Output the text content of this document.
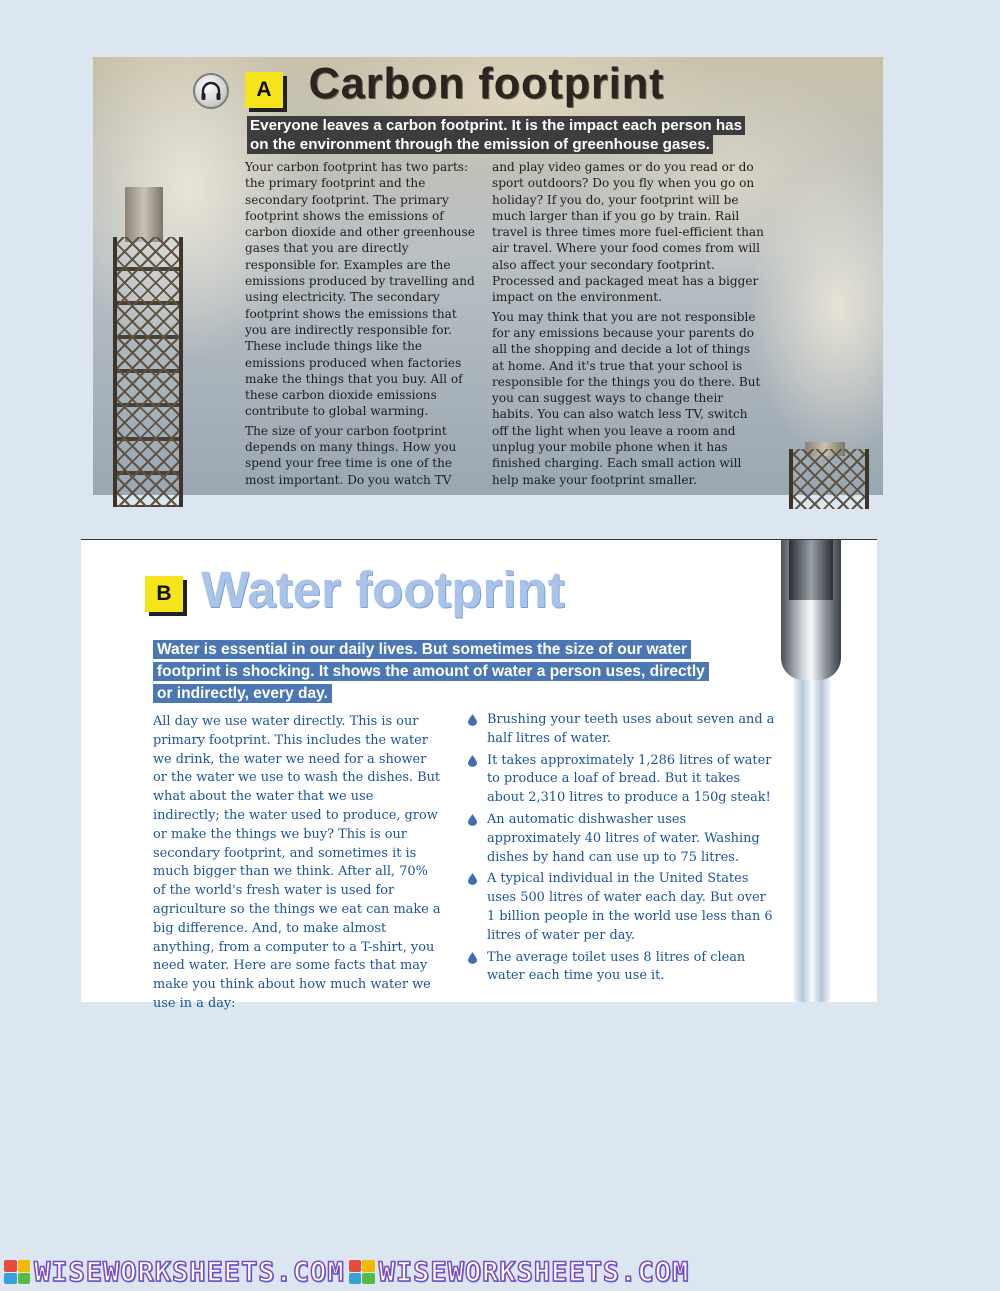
A Carbon footprint
Everyone leaves a carbon footprint. It is the impact each person has on the environment through the emission of greenhouse gases.

Your carbon footprint has two parts: the primary footprint and the secondary footprint. The primary footprint shows the emissions of carbon dioxide and other greenhouse gases that you are directly responsible for. Examples are the emissions produced by travelling and using electricity. The secondary footprint shows the emissions that you are indirectly responsible for. These include things like the emissions produced when factories make the things that you buy. All of these carbon dioxide emissions contribute to global warming.

The size of your carbon footprint depends on many things. How you spend your free time is one of the most important. Do you watch TV

and play video games or do you read or do sport outdoors? Do you fly when you go on holiday? If you do, your footprint will be much larger than if you go by train. Rail travel is three times more fuel-efficient than air travel. Where your food comes from will also affect your secondary footprint. Processed and packaged meat has a bigger impact on the environment.

You may think that you are not responsible for any emissions because your parents do all the shopping and decide a lot of things at home. And it's true that your school is responsible for the things you do there. But you can suggest ways to change their habits. You can also watch less TV, switch off the light when you leave a room and unplug your mobile phone when it has finished charging. Each small action will help make your footprint smaller.

B Water footprint
Water is essential in our daily lives. But sometimes the size of our water footprint is shocking. It shows the amount of water a person uses, directly or indirectly, every day.

All day we use water directly. This is our primary footprint. This includes the water we drink, the water we need for a shower or the water we use to wash the dishes. But what about the water that we use indirectly; the water used to produce, grow or make the things we buy? This is our secondary footprint, and sometimes it is much bigger than we think. After all, 70% of the world's fresh water is used for agriculture so the things we eat can make a big difference. And, to make almost anything, from a computer to a T-shirt, you need water. Here are some facts that may make you think about how much water we use in a day:

Brushing your teeth uses about seven and a half litres of water.
It takes approximately 1,286 litres of water to produce a loaf of bread. But it takes about 2,310 litres to produce a 150g steak!
An automatic dishwasher uses approximately 40 litres of water. Washing dishes by hand can use up to 75 litres.
A typical individual in the United States uses 500 litres of water each day. But over 1 billion people in the world use less than 6 litres of water per day.
The average toilet uses 8 litres of clean water each time you use it.
WISEWORKSHEETS.COM WISEWORKSHEETS.COM
